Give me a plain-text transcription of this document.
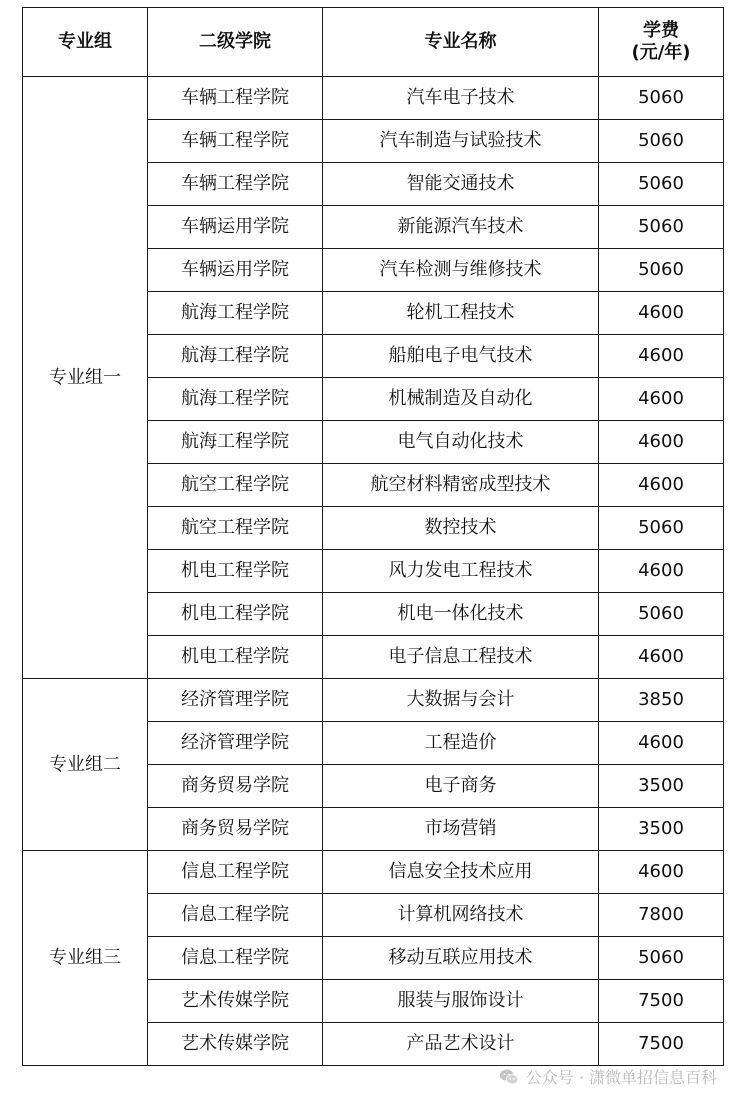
专业组	二级学院	专业名称	学费
(元/年)

专业组一	车辆工程学院	汽车电子技术	5060
	车辆工程学院	汽车制造与试验技术	5060
	车辆工程学院	智能交通技术	5060
	车辆运用学院	新能源汽车技术	5060
	车辆运用学院	汽车检测与维修技术	5060
	航海工程学院	轮机工程技术	4600
	航海工程学院	船舶电子电气技术	4600
	航海工程学院	机械制造及自动化	4600
	航海工程学院	电气自动化技术	4600
	航空工程学院	航空材料精密成型技术	4600
	航空工程学院	数控技术	5060
	机电工程学院	风力发电工程技术	4600
	机电工程学院	机电一体化技术	5060
	机电工程学院	电子信息工程技术	4600
专业组二	经济管理学院	大数据与会计	3850
	经济管理学院	工程造价	4600
	商务贸易学院	电子商务	3500
	商务贸易学院	市场营销	3500
专业组三	信息工程学院	信息安全技术应用	4600
	信息工程学院	计算机网络技术	7800
	信息工程学院	移动互联应用技术	5060
	艺术传媒学院	服装与服饰设计	7500
	艺术传媒学院	产品艺术设计	7500
公众号 · 潇微单招信息百科
